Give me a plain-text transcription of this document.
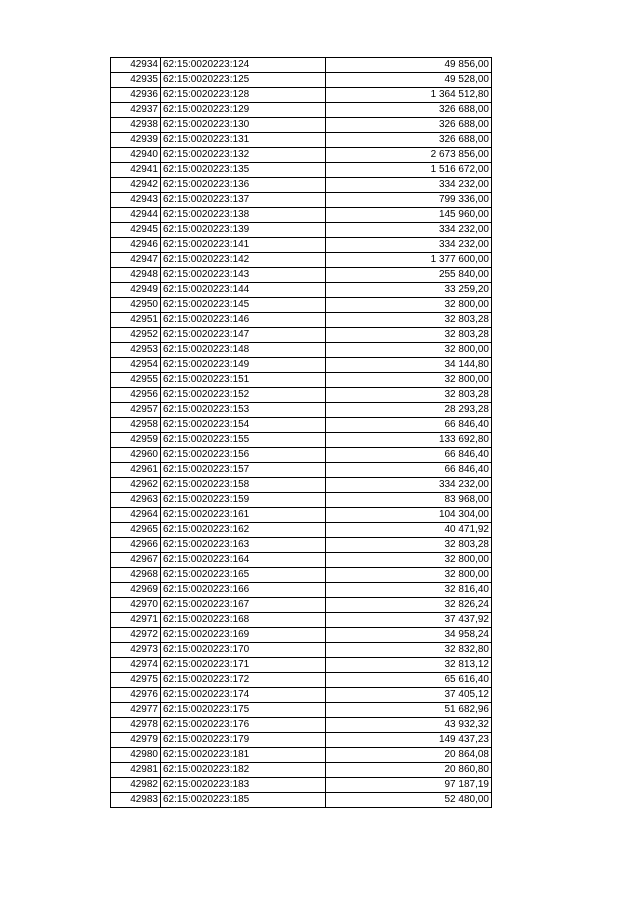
42934	62:15:0020223:124	49 856,00
42935	62:15:0020223:125	49 528,00
42936	62:15:0020223:128	1 364 512,80
42937	62:15:0020223:129	326 688,00
42938	62:15:0020223:130	326 688,00
42939	62:15:0020223:131	326 688,00
42940	62:15:0020223:132	2 673 856,00
42941	62:15:0020223:135	1 516 672,00
42942	62:15:0020223:136	334 232,00
42943	62:15:0020223:137	799 336,00
42944	62:15:0020223:138	145 960,00
42945	62:15:0020223:139	334 232,00
42946	62:15:0020223:141	334 232,00
42947	62:15:0020223:142	1 377 600,00
42948	62:15:0020223:143	255 840,00
42949	62:15:0020223:144	33 259,20
42950	62:15:0020223:145	32 800,00
42951	62:15:0020223:146	32 803,28
42952	62:15:0020223:147	32 803,28
42953	62:15:0020223:148	32 800,00
42954	62:15:0020223:149	34 144,80
42955	62:15:0020223:151	32 800,00
42956	62:15:0020223:152	32 803,28
42957	62:15:0020223:153	28 293,28
42958	62:15:0020223:154	66 846,40
42959	62:15:0020223:155	133 692,80
42960	62:15:0020223:156	66 846,40
42961	62:15:0020223:157	66 846,40
42962	62:15:0020223:158	334 232,00
42963	62:15:0020223:159	83 968,00
42964	62:15:0020223:161	104 304,00
42965	62:15:0020223:162	40 471,92
42966	62:15:0020223:163	32 803,28
42967	62:15:0020223:164	32 800,00
42968	62:15:0020223:165	32 800,00
42969	62:15:0020223:166	32 816,40
42970	62:15:0020223:167	32 826,24
42971	62:15:0020223:168	37 437,92
42972	62:15:0020223:169	34 958,24
42973	62:15:0020223:170	32 832,80
42974	62:15:0020223:171	32 813,12
42975	62:15:0020223:172	65 616,40
42976	62:15:0020223:174	37 405,12
42977	62:15:0020223:175	51 682,96
42978	62:15:0020223:176	43 932,32
42979	62:15:0020223:179	149 437,23
42980	62:15:0020223:181	20 864,08
42981	62:15:0020223:182	20 860,80
42982	62:15:0020223:183	97 187,19
42983	62:15:0020223:185	52 480,00
